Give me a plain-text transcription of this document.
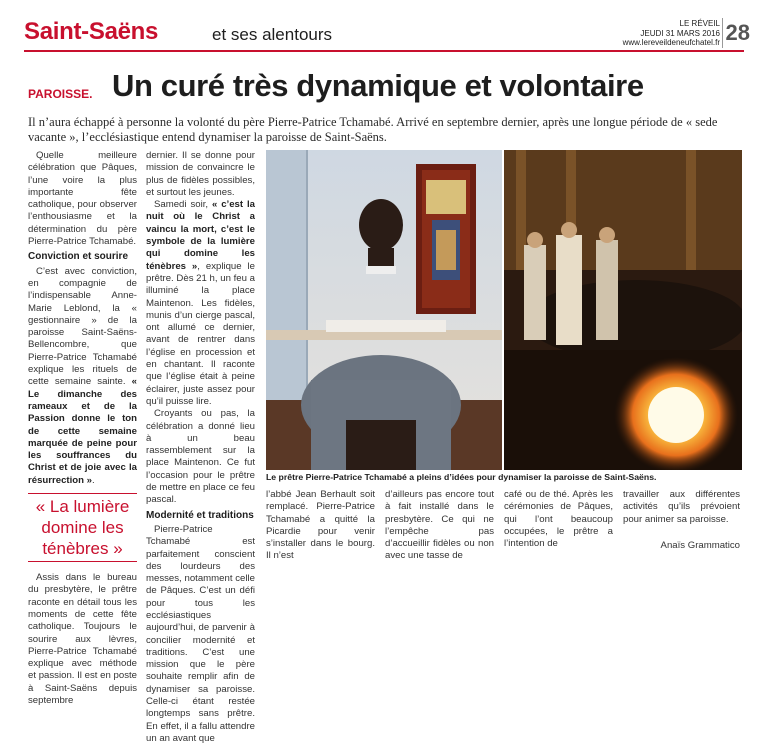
Saint-Saëns	et ses alentours
LE RÉVEIL
JEUDI 31 MARS 2016
www.lereveildeneufchatel.fr 28
PAROISSE. Un curé très dynamique et volontaire
Il n’aura échappé à personne la volonté du père Pierre-Patrice Tchamabé. Arrivé en septembre dernier, après une longue période de « sede vacante », l’ecclésiastique entend dynamiser la paroisse de Saint-Saëns.

Quelle meilleure célébration que Pâques, l’une voire la plus importante fête catholique, pour observer l’enthousiasme et la détermination du père Pierre-Patrice Tchamabé.

Conviction et sourire

C’est avec conviction, en compagnie de l’indispensable Anne-Marie Leblond, la « gestionnaire » de la paroisse Saint-Saëns-Bellencombre, que Pierre-Patrice Tchamabé explique les rituels de cette semaine sainte. « Le dimanche des rameaux et de la Passion donne le ton de cette semaine marquée de peine pour les souffrances du Christ et de joie avec la résurrection ».

« La lumière domine les ténèbres »

Assis dans le bureau du presbytère, le prêtre raconte en détail tous les moments de cette fête catholique. Toujours le sourire aux lèvres, Pierre-Patrice Tchamabé explique avec méthode et passion. Il est en poste à Saint-Saëns depuis septembre

dernier. Il se donne pour mission de convaincre le plus de fidèles possibles, et surtout les jeunes.

Samedi soir, « c’est la nuit où le Christ a vaincu la mort, c’est le symbole de la lumière qui domine les ténèbres », explique le prêtre. Dès 21 h, un feu a illuminé la place Maintenon. Les fidèles, munis d’un cierge pascal, ont allumé ce dernier, avant de rentrer dans l’église en procession et en chantant. Il raconte que l’église était à peine éclairer, juste assez pour qu’il puisse lire.

Croyants ou pas, la célébration a donné lieu à un beau rassemblement sur la place Maintenon. Ce fut l’occasion pour le prêtre de mettre en place ce feu pascal.

Modernité et traditions

Pierre-Patrice Tchamabé est parfaitement conscient des lourdeurs des messes, notamment celle de Pâques. C’est un défi pour tous les ecclésiastiques aujourd’hui, de parvenir à concilier modernité et traditions. C’est une mission que le père souhaite remplir afin de dynamiser sa paroisse. Celle-ci étant restée longtemps sans prêtre. En effet, il a fallu attendre un an avant que

Le prêtre Pierre-Patrice Tchamabé a pleins d’idées pour dynamiser la paroisse de Saint-Saëns.

l’abbé Jean Berhault soit remplacé. Pierre-Patrice Tchamabé a quitté la Picardie pour venir s’installer dans le bourg. Il n’est

d’ailleurs pas encore tout à fait installé dans le presbytère. Ce qui ne l’empêche pas d’accueillir fidèles ou non avec une tasse de

café ou de thé. Après les cérémonies de Pâques, qui l’ont beaucoup occupées, le prêtre a l’intention de

travailler aux différentes activités qu’ils prévoient pour animer sa paroisse.

Anaïs Grammatico
